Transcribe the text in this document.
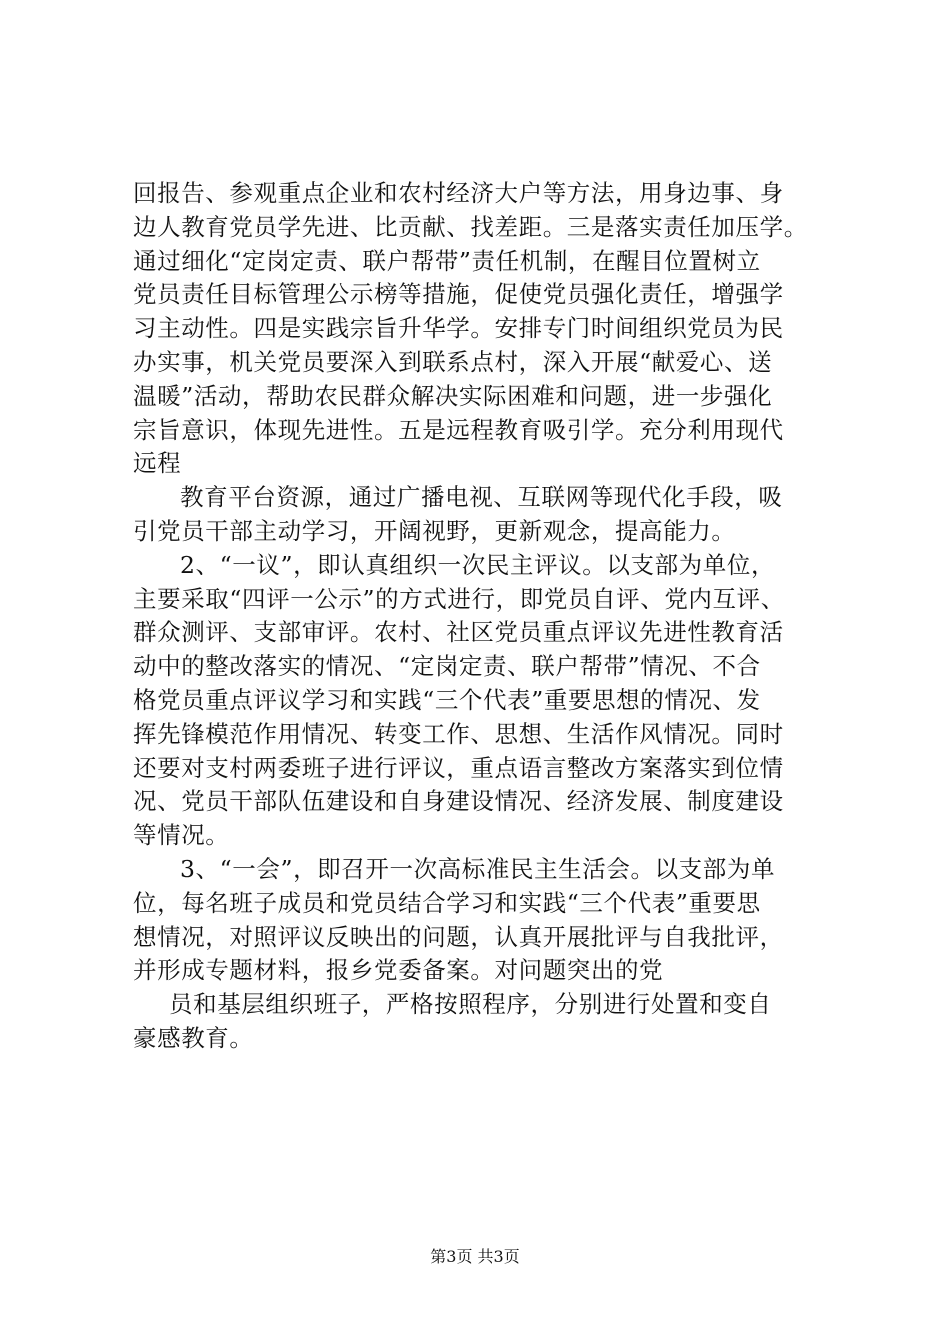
回报告、参观重点企业和农村经济大户等方法，用身边事、身
边人教育党员学先进、比贡献、找差距。三是落实责任加压学。
通过细化“定岗定责、联户帮带”责任机制，在醒目位置树立
党员责任目标管理公示榜等措施，促使党员强化责任，增强学
习主动性。四是实践宗旨升华学。安排专门时间组织党员为民
办实事，机关党员要深入到联系点村，深入开展“献爱心、送
温暖”活动，帮助农民群众解决实际困难和问题，进一步强化
宗旨意识，体现先进性。五是远程教育吸引学。充分利用现代
远程
教育平台资源，通过广播电视、互联网等现代化手段，吸
引党员干部主动学习，开阔视野，更新观念，提高能力。
2、“一议”，即认真组织一次民主评议。以支部为单位，
主要采取“四评一公示”的方式进行，即党员自评、党内互评、
群众测评、支部审评。农村、社区党员重点评议先进性教育活
动中的整改落实的情况、“定岗定责、联户帮带”情况、不合
格党员重点评议学习和实践“三个代表”重要思想的情况、发
挥先锋模范作用情况、转变工作、思想、生活作风情况。同时
还要对支村两委班子进行评议，重点语言整改方案落实到位情
况、党员干部队伍建设和自身建设情况、经济发展、制度建设
等情况。
3、“一会”，即召开一次高标准民主生活会。以支部为单
位，每名班子成员和党员结合学习和实践“三个代表”重要思
想情况，对照评议反映出的问题，认真开展批评与自我批评，
并形成专题材料，报乡党委备案。对问题突出的党
员和基层组织班子，严格按照程序，分别进行处置和变自
豪感教育。
第3页 共3页
